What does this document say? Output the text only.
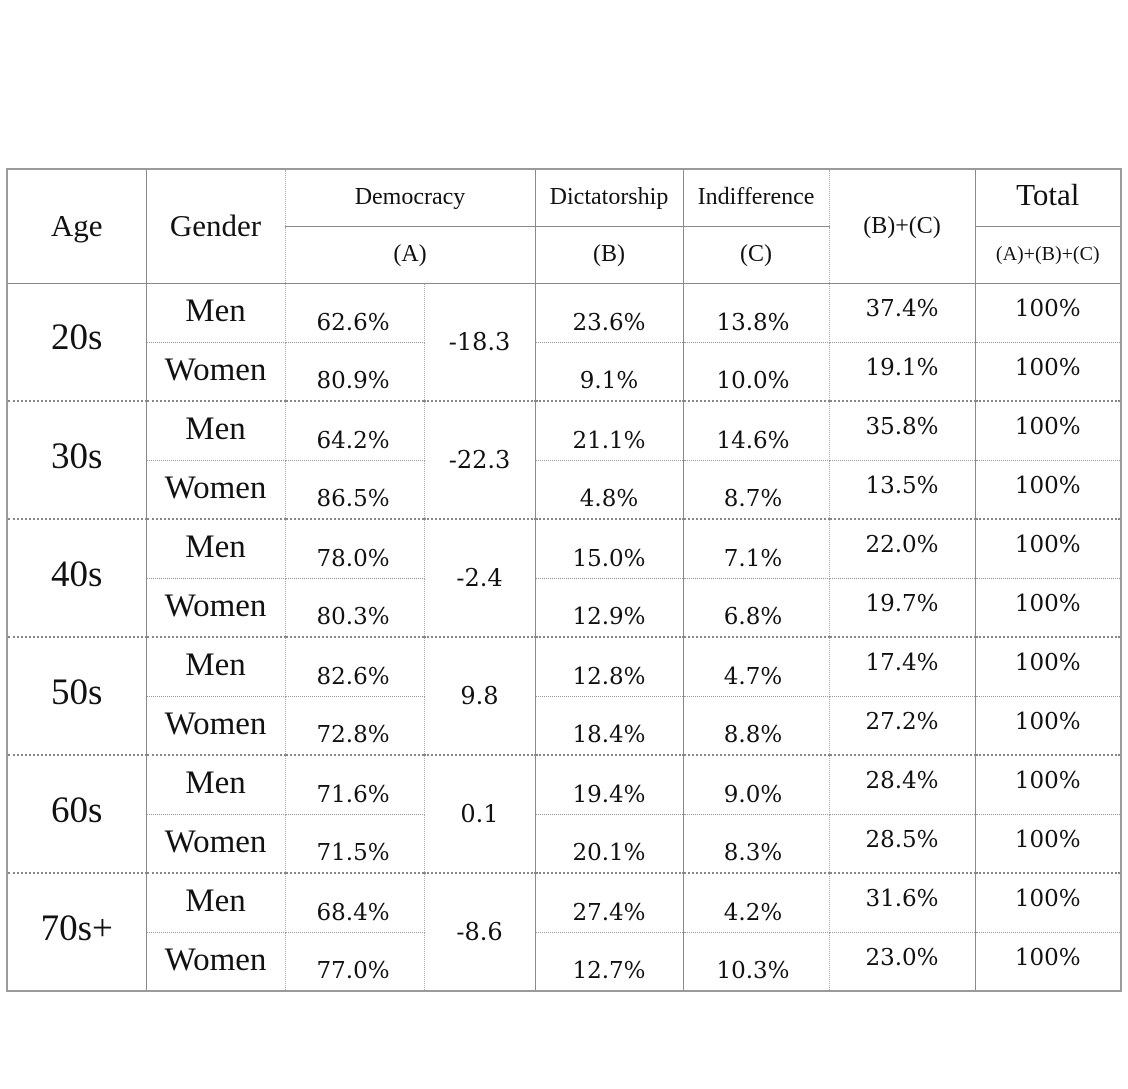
Age	Gender	Democracy		Dictatorship	Indifference	(B)+(C)	Total
		(A)		(B)	(C)		(A)+(B)+(C)
20s	Men	62.6%	-18.3	23.6%	13.8%	37.4%	100%
	Women	80.9%		9.1%	10.0%	19.1%	100%
30s	Men	64.2%	-22.3	21.1%	14.6%	35.8%	100%
	Women	86.5%		4.8%	8.7%	13.5%	100%
40s	Men	78.0%	-2.4	15.0%	7.1%	22.0%	100%
	Women	80.3%		12.9%	6.8%	19.7%	100%
50s	Men	82.6%	9.8	12.8%	4.7%	17.4%	100%
	Women	72.8%		18.4%	8.8%	27.2%	100%
60s	Men	71.6%	0.1	19.4%	9.0%	28.4%	100%
	Women	71.5%		20.1%	8.3%	28.5%	100%
70s+	Men	68.4%	-8.6	27.4%	4.2%	31.6%	100%
	Women	77.0%		12.7%	10.3%	23.0%	100%
